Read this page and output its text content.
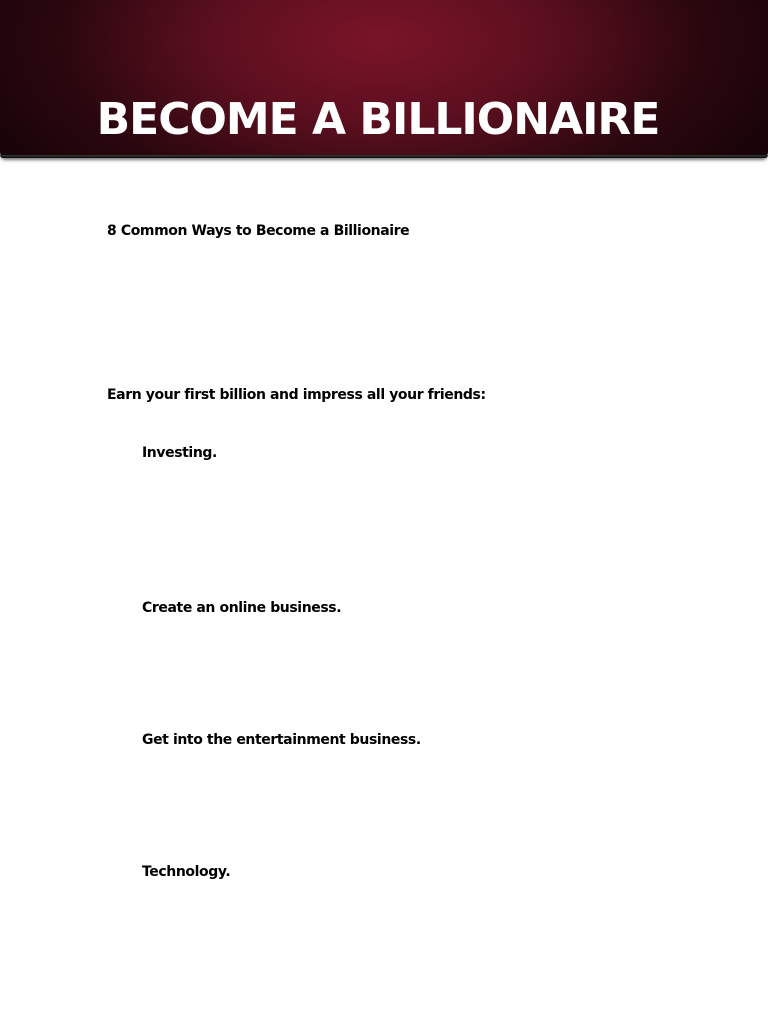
BECOME A BILLIONAIRE
8 Common Ways to Become a Billionaire
Earn your first billion and impress all your friends:
Investing.
Create an online business.
Get into the entertainment business.
Technology.
